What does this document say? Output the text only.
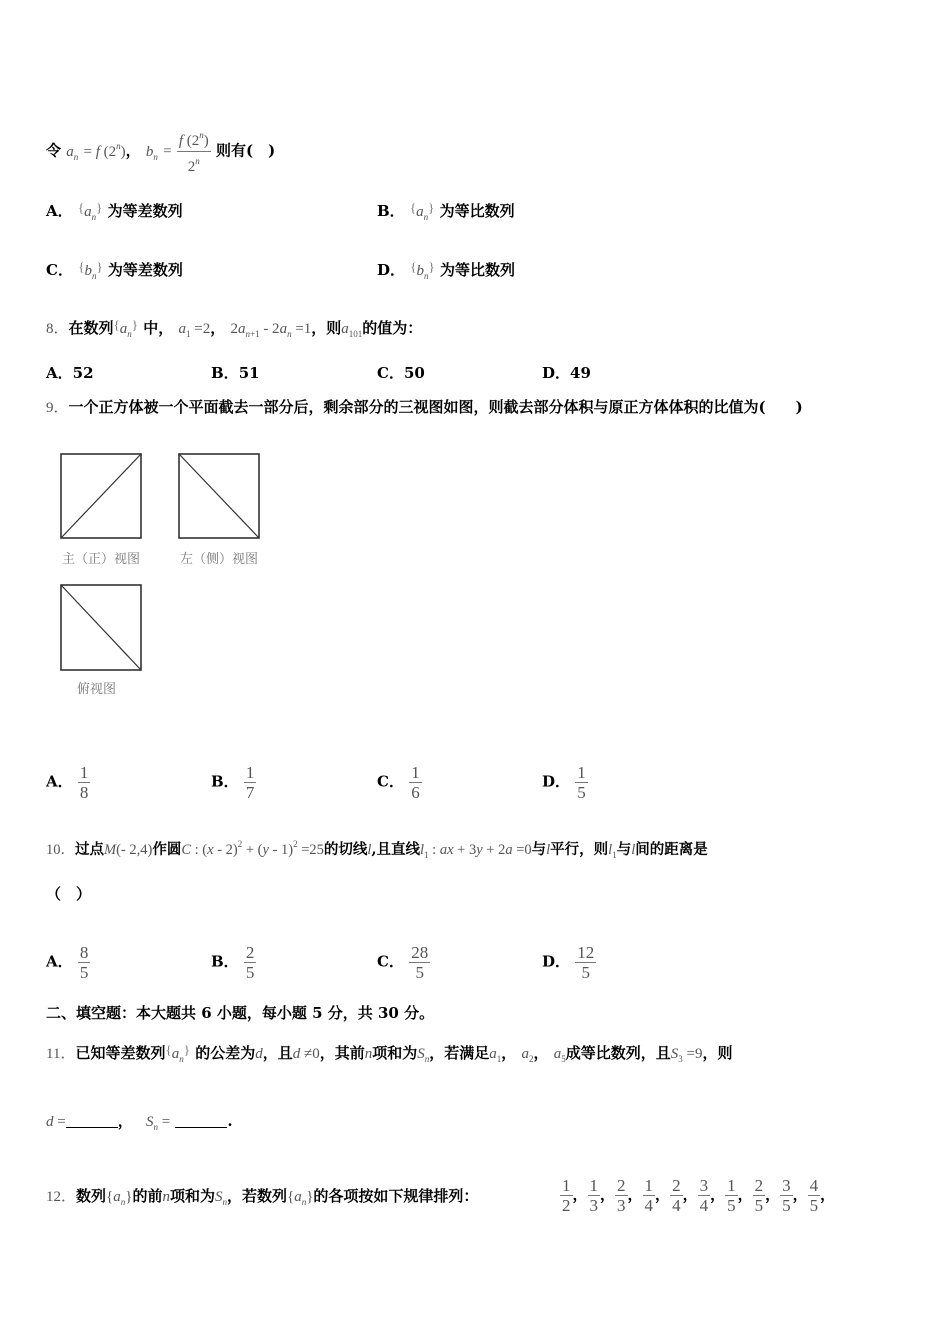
令 $a_n = f$ (2$^n$)， $b_n = \frac{f (2^n)}{2^n}$ 则有(　)
A． $\{a_n\}$ 为等差数列	B． $\{a_n\}$ 为等比数列
C． $\{b_n\}$ 为等差数列	D． $\{b_n\}$ 为等比数列
8．在数列$\{a_n\}$ 中， $a_1 =2$， $2a_{n+1} - 2a_n =1$，则$a_{101}$的值为：
A．52	B．51	C．50	D．49
9．一个正方体被一个平面截去一部分后，剩余部分的三视图如图，则截去部分体积与原正方体体积的比值为(　　)
主（正）视图	左（侧）视图
俯视图
A． $\frac{1}{8}$	B． $\frac{1}{7}$	C． $\frac{1}{6}$	D． $\frac{1}{5}$
10．过点M(- 2,4)作圆C : (x - 2)$^2$ + (y - 1)$^2$ =25的切线l,且直线$l_1$ : ax + 3y + 2a =0与l平行，则$l_1$与l间的距离是
（　）
A． $\frac{8}{5}$	B． $\frac{2}{5}$	C． $\frac{28}{5}$	D． $\frac{12}{5}$
二、填空题：本大题共 6 小题，每小题 5 分，共 30 分。
11．已知等差数列$\{a_n\}$ 的公差为d，且d ≠0，其前n项和为$S_n$，若满足$a_1$， $a_2$， $a_5$成等比数列，且$S_3 =9$，则
d =	， $S_n$ =	.
12．数列$\{a_n\}$的前n项和为$S_n$，若数列$\{a_n\}$的各项按如下规律排列：	$\frac{1}{2}$ ， $\frac{1}{3}$ ， $\frac{2}{3}$ ， $\frac{1}{4}$ ， $\frac{2}{4}$ ， $\frac{3}{4}$ ， $\frac{1}{5}$ ， $\frac{2}{5}$ ， $\frac{3}{5}$ ， $\frac{4}{5}$ ，
